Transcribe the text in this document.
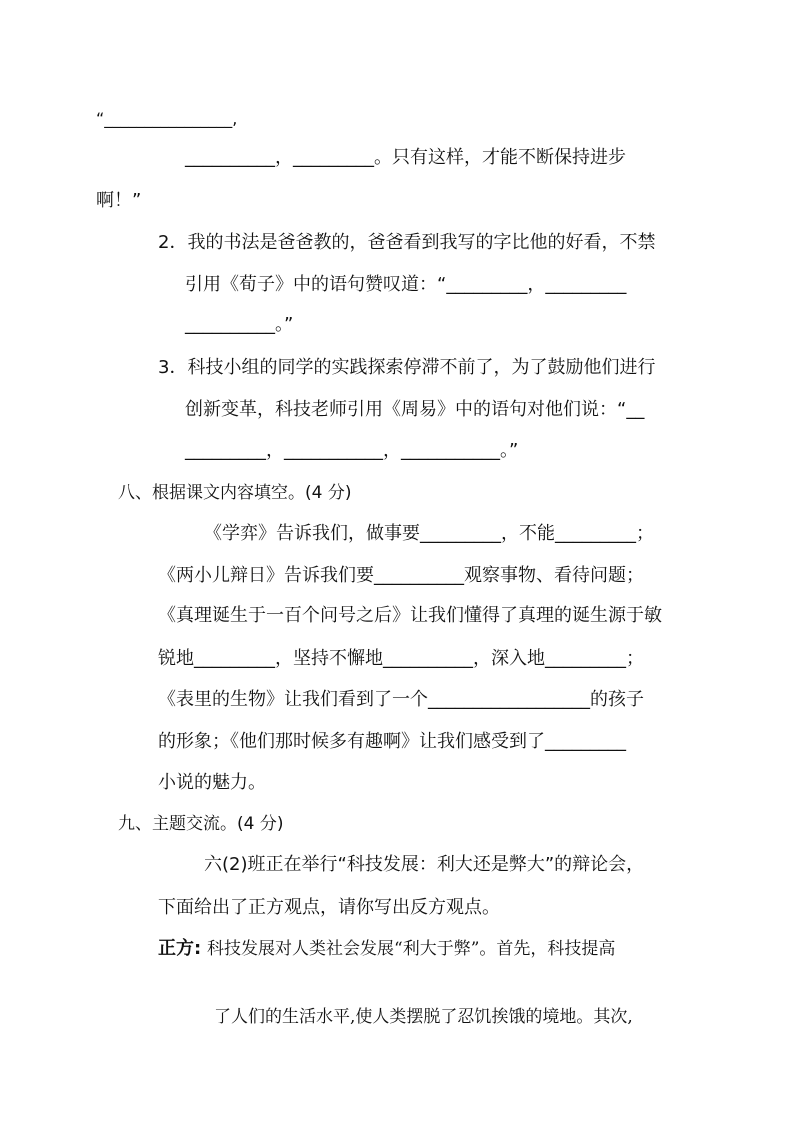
“________________,
__________，_________。只有这样，才能不断保持进步
啊！”
2．我的书法是爸爸教的，爸爸看到我写的字比他的好看，不禁
引用《荀子》中的语句赞叹道：“_________，_________
__________。”
3．科技小组的同学的实践探索停滞不前了，为了鼓励他们进行
创新变革，科技老师引用《周易》中的语句对他们说：“__
_________，___________，___________。”
八、根据课文内容填空。(4 分)
《学弈》告诉我们，做事要_________，不能_________；
《两小儿辩日》告诉我们要__________观察事物、看待问题；
《真理诞生于一百个问号之后》让我们懂得了真理的诞生源于敏
锐地_________，坚持不懈地__________，深入地_________；
《表里的生物》让我们看到了一个__________________的孩子
的形象；《他们那时候多有趣啊》让我们感受到了_________
小说的魅力。
九、主题交流。(4 分)
六(2)班正在举行“科技发展：利大还是弊大”的辩论会，
下面给出了正方观点，请你写出反方观点。
正方: 科技发展对人类社会发展“利大于弊”。首先，科技提高
了人们的生活水平,使人类摆脱了忍饥挨饿的境地。其次,
